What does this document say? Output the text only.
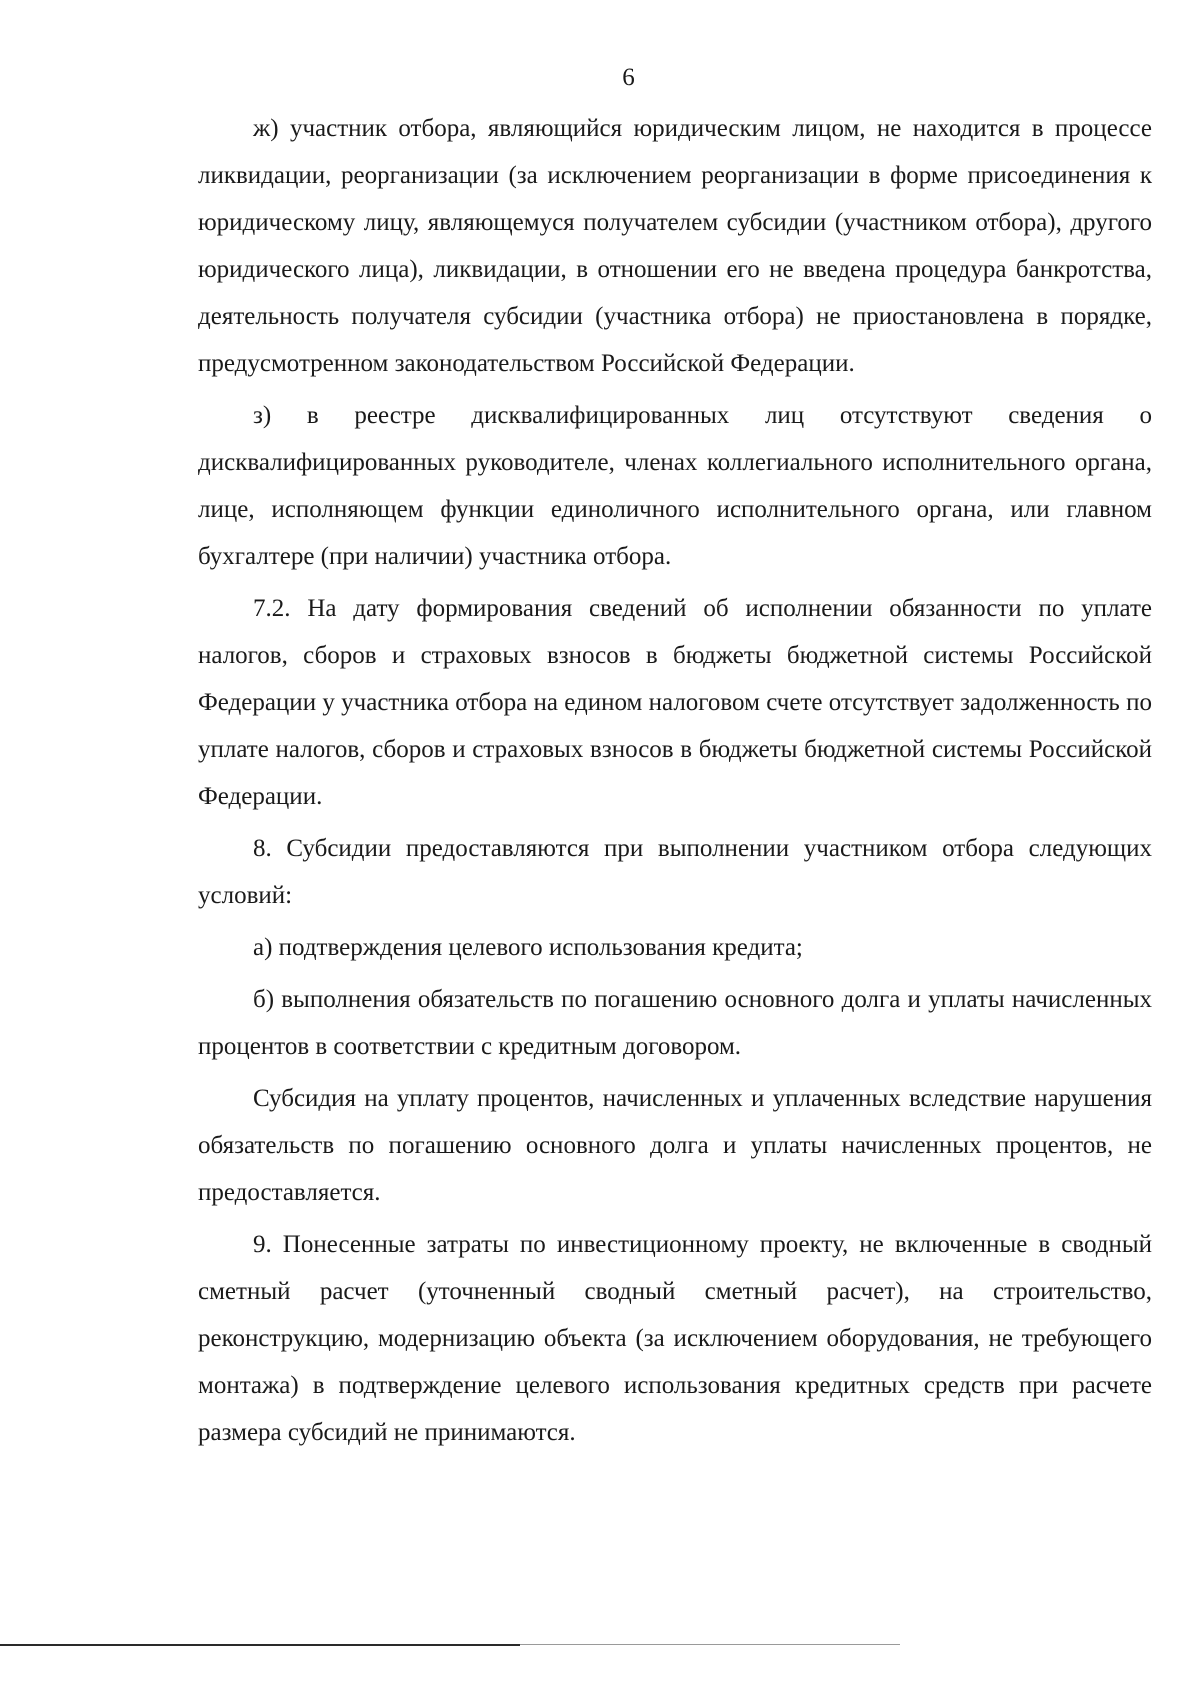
6

ж) участник отбора, являющийся юридическим лицом, не находится в процессе ликвидации, реорганизации (за исключением реорганизации в форме присоединения к юридическому лицу, являющемуся получателем субсидии (участником отбора), другого юридического лица), ликвидации, в отношении его не введена процедура банкротства, деятельность получателя субсидии (участника отбора) не приостановлена в порядке, предусмотренном законодательством Российской Федерации.

з) в реестре дисквалифицированных лиц отсутствуют сведения о дисквалифицированных руководителе, членах коллегиального исполнительного органа, лице, исполняющем функции единоличного исполнительного органа, или главном бухгалтере (при наличии) участника отбора.

7.2. На дату формирования сведений об исполнении обязанности по уплате налогов, сборов и страховых взносов в бюджеты бюджетной системы Российской Федерации у участника отбора на едином налоговом счете отсутствует задолженность по уплате налогов, сборов и страховых взносов в бюджеты бюджетной системы Российской Федерации.

8. Субсидии предоставляются при выполнении участником отбора следующих условий:

а) подтверждения целевого использования кредита;

б) выполнения обязательств по погашению основного долга и уплаты начисленных процентов в соответствии с кредитным договором.

Субсидия на уплату процентов, начисленных и уплаченных вследствие нарушения обязательств по погашению основного долга и уплаты начисленных процентов, не предоставляется.

9. Понесенные затраты по инвестиционному проекту, не включенные в сводный сметный расчет (уточненный сводный сметный расчет), на строительство, реконструкцию, модернизацию объекта (за исключением оборудования, не требующего монтажа) в подтверждение целевого использования кредитных средств при расчете размера субсидий не принимаются.
